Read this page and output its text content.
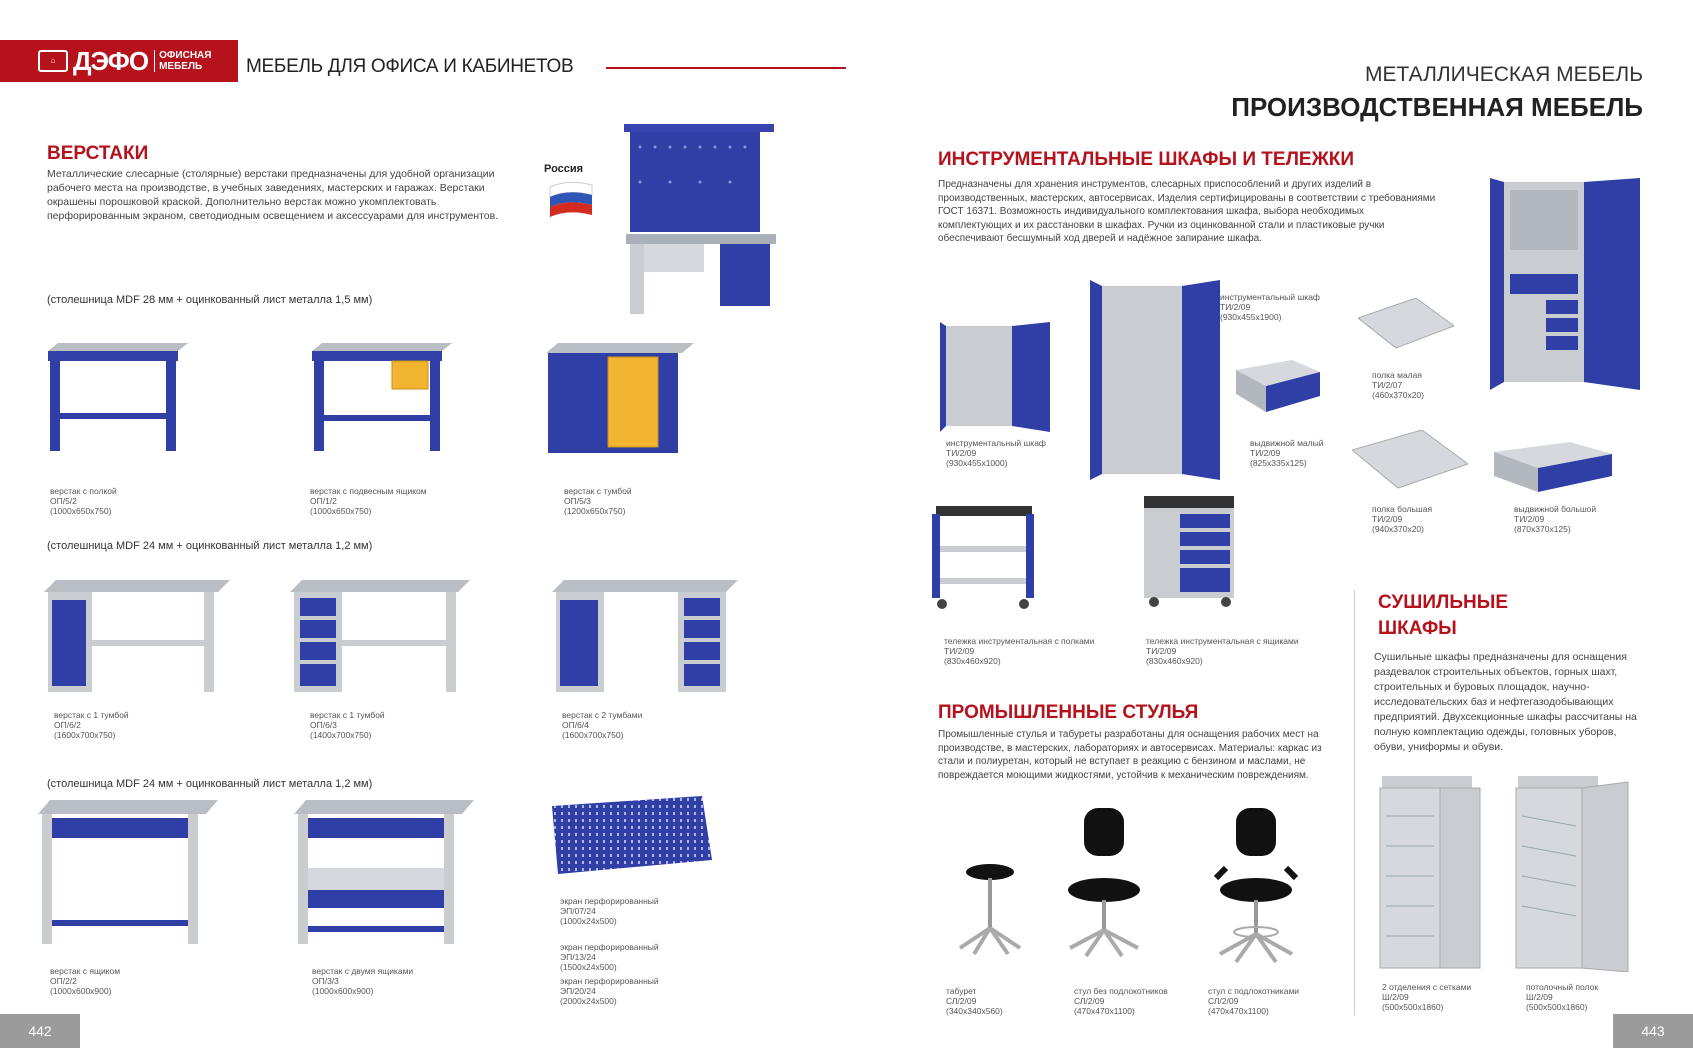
⌂ ДЭФО ОФИСНАЯ
МЕБЕЛЬ	МЕБЕЛЬ ДЛЯ ОФИСА И КАБИНЕТОВ	МЕТАЛЛИЧЕСКАЯ МЕБЕЛЬ
ПРОИЗВОДСТВЕННАЯ МЕБЕЛЬ
ВЕРСТАКИ
Металлические слесарные (столярные) верстаки предназначены для удобной организации рабочего места на производстве, в учебных заведениях, мастерских и гаражах. Верстаки окрашены порошковой краской. Дополнительно верстак можно укомплектовать перфорированным экраном, светодиодным освещением и аксессуарами для инструментов.
Россия
(столешница MDF 28 мм + оцинкованный лист металла 1,5 мм)
верстак с полкой
ОП/5/2
(1000х650х750)
верстак с подвесным ящиком
ОП/1/2
(1000х650х750)
верстак с тумбой
ОП/5/3
(1200х650х750)
(столешница MDF 24 мм + оцинкованный лист металла 1,2 мм)
верстак с 1 тумбой
ОП/6/2
(1600х700х750)
верстак с 1 тумбой
ОП/6/3
(1400х700х750)
верстак с 2 тумбами
ОП/6/4
(1600х700х750)
(столешница MDF 24 мм + оцинкованный лист металла 1,2 мм)
верстак с ящиком
ОП/2/2
(1000х600х900)
верстак с двумя ящиками
ОП/3/3
(1000х600х900)
экран перфорированный
ЭП/07/24
(1000х24х500)
экран перфорированный
ЭП/13/24
(1500х24х500)
экран перфорированный
ЭП/20/24
(2000х24х500)
ИНСТРУМЕНТАЛЬНЫЕ ШКАФЫ И ТЕЛЕЖКИ
Предназначены для хранения инструментов, слесарных приспособлений и других изделий в производственных, мастерских, автосервисах. Изделия сертифицированы в соответствии с требованиями ГОСТ 16371. Возможность индивидуального комплектования шкафа, выбора необходимых комплектующих и их расстановки в шкафах. Ручки из оцинкованной стали и пластиковые ручки обеспечивают бесшумный ход дверей и надёжное запирание шкафа.
инструментальный шкаф
ТИ/2/09
(930х455х1000)
инструментальный шкаф
ТИ/2/09
(930х455х1900)
выдвижной малый
ТИ/2/09
(825х335х125)
полка малая
ТИ/2/07
(460х370х20)
полка большая
ТИ/2/09
(940х370х20)
выдвижной большой
ТИ/2/09
(870х370х125)
тележка инструментальная с полками
ТИ/2/09
(830х460х920)
тележка инструментальная с ящиками
ТИ/2/09
(830х460х920)
ПРОМЫШЛЕННЫЕ СТУЛЬЯ
Промышленные стулья и табуреты разработаны для оснащения рабочих мест на производстве, в мастерских, лабораториях и автосервисах. Материалы: каркас из стали и полиуретан, который не вступает в реакцию с бензином и маслами, не повреждается моющими жидкостями, устойчив к механическим повреждениям.
табурет
СЛ/2/09
(340х340х560)
стул без подлокотников
СЛ/2/09
(470х470х1100)
стул с подлокотниками
СЛ/2/09
(470х470х1100)
СУШИЛЬНЫЕ
ШКАФЫ
Сушильные шкафы предназначены для оснащения раздевалок строительных объектов, горных шахт, строительных и буровых площадок, научно-исследовательских баз и нефтегазодобывающих предприятий. Двухсекционные шкафы рассчитаны на полную комплектацию одежды, головных уборов, обуви, униформы и обуви.
2 отделения с сетками
Ш/2/09
(500х500х1860)
потолочный полок
Ш/2/09
(500х500х1860)
442	443
